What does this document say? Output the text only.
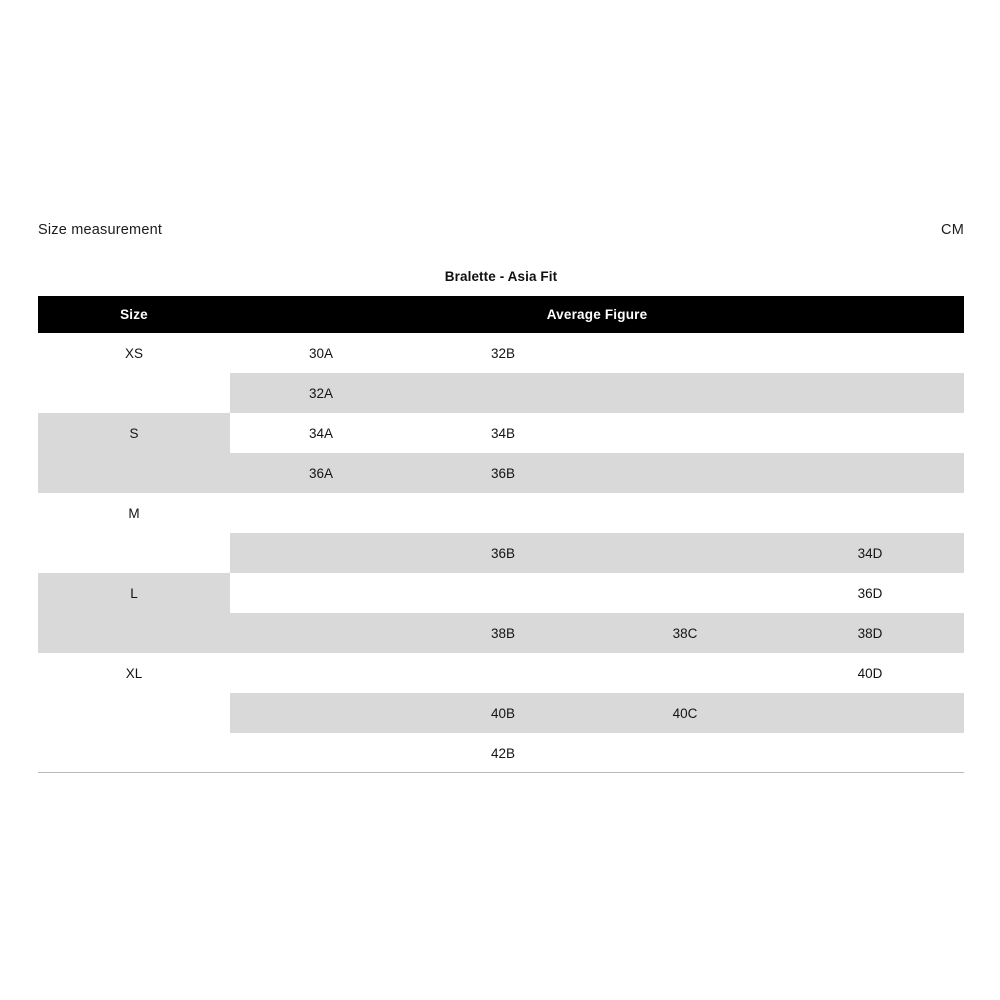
Size measurement	CM
Bralette - Asia Fit
Size	Average Figure			
XS	30A	32B		
	32A			
S	34A	34B		
	36A	36B		
M				
		36B		34D
L				36D
		38B	38C	38D
XL				40D
		40B	40C	
		42B		
